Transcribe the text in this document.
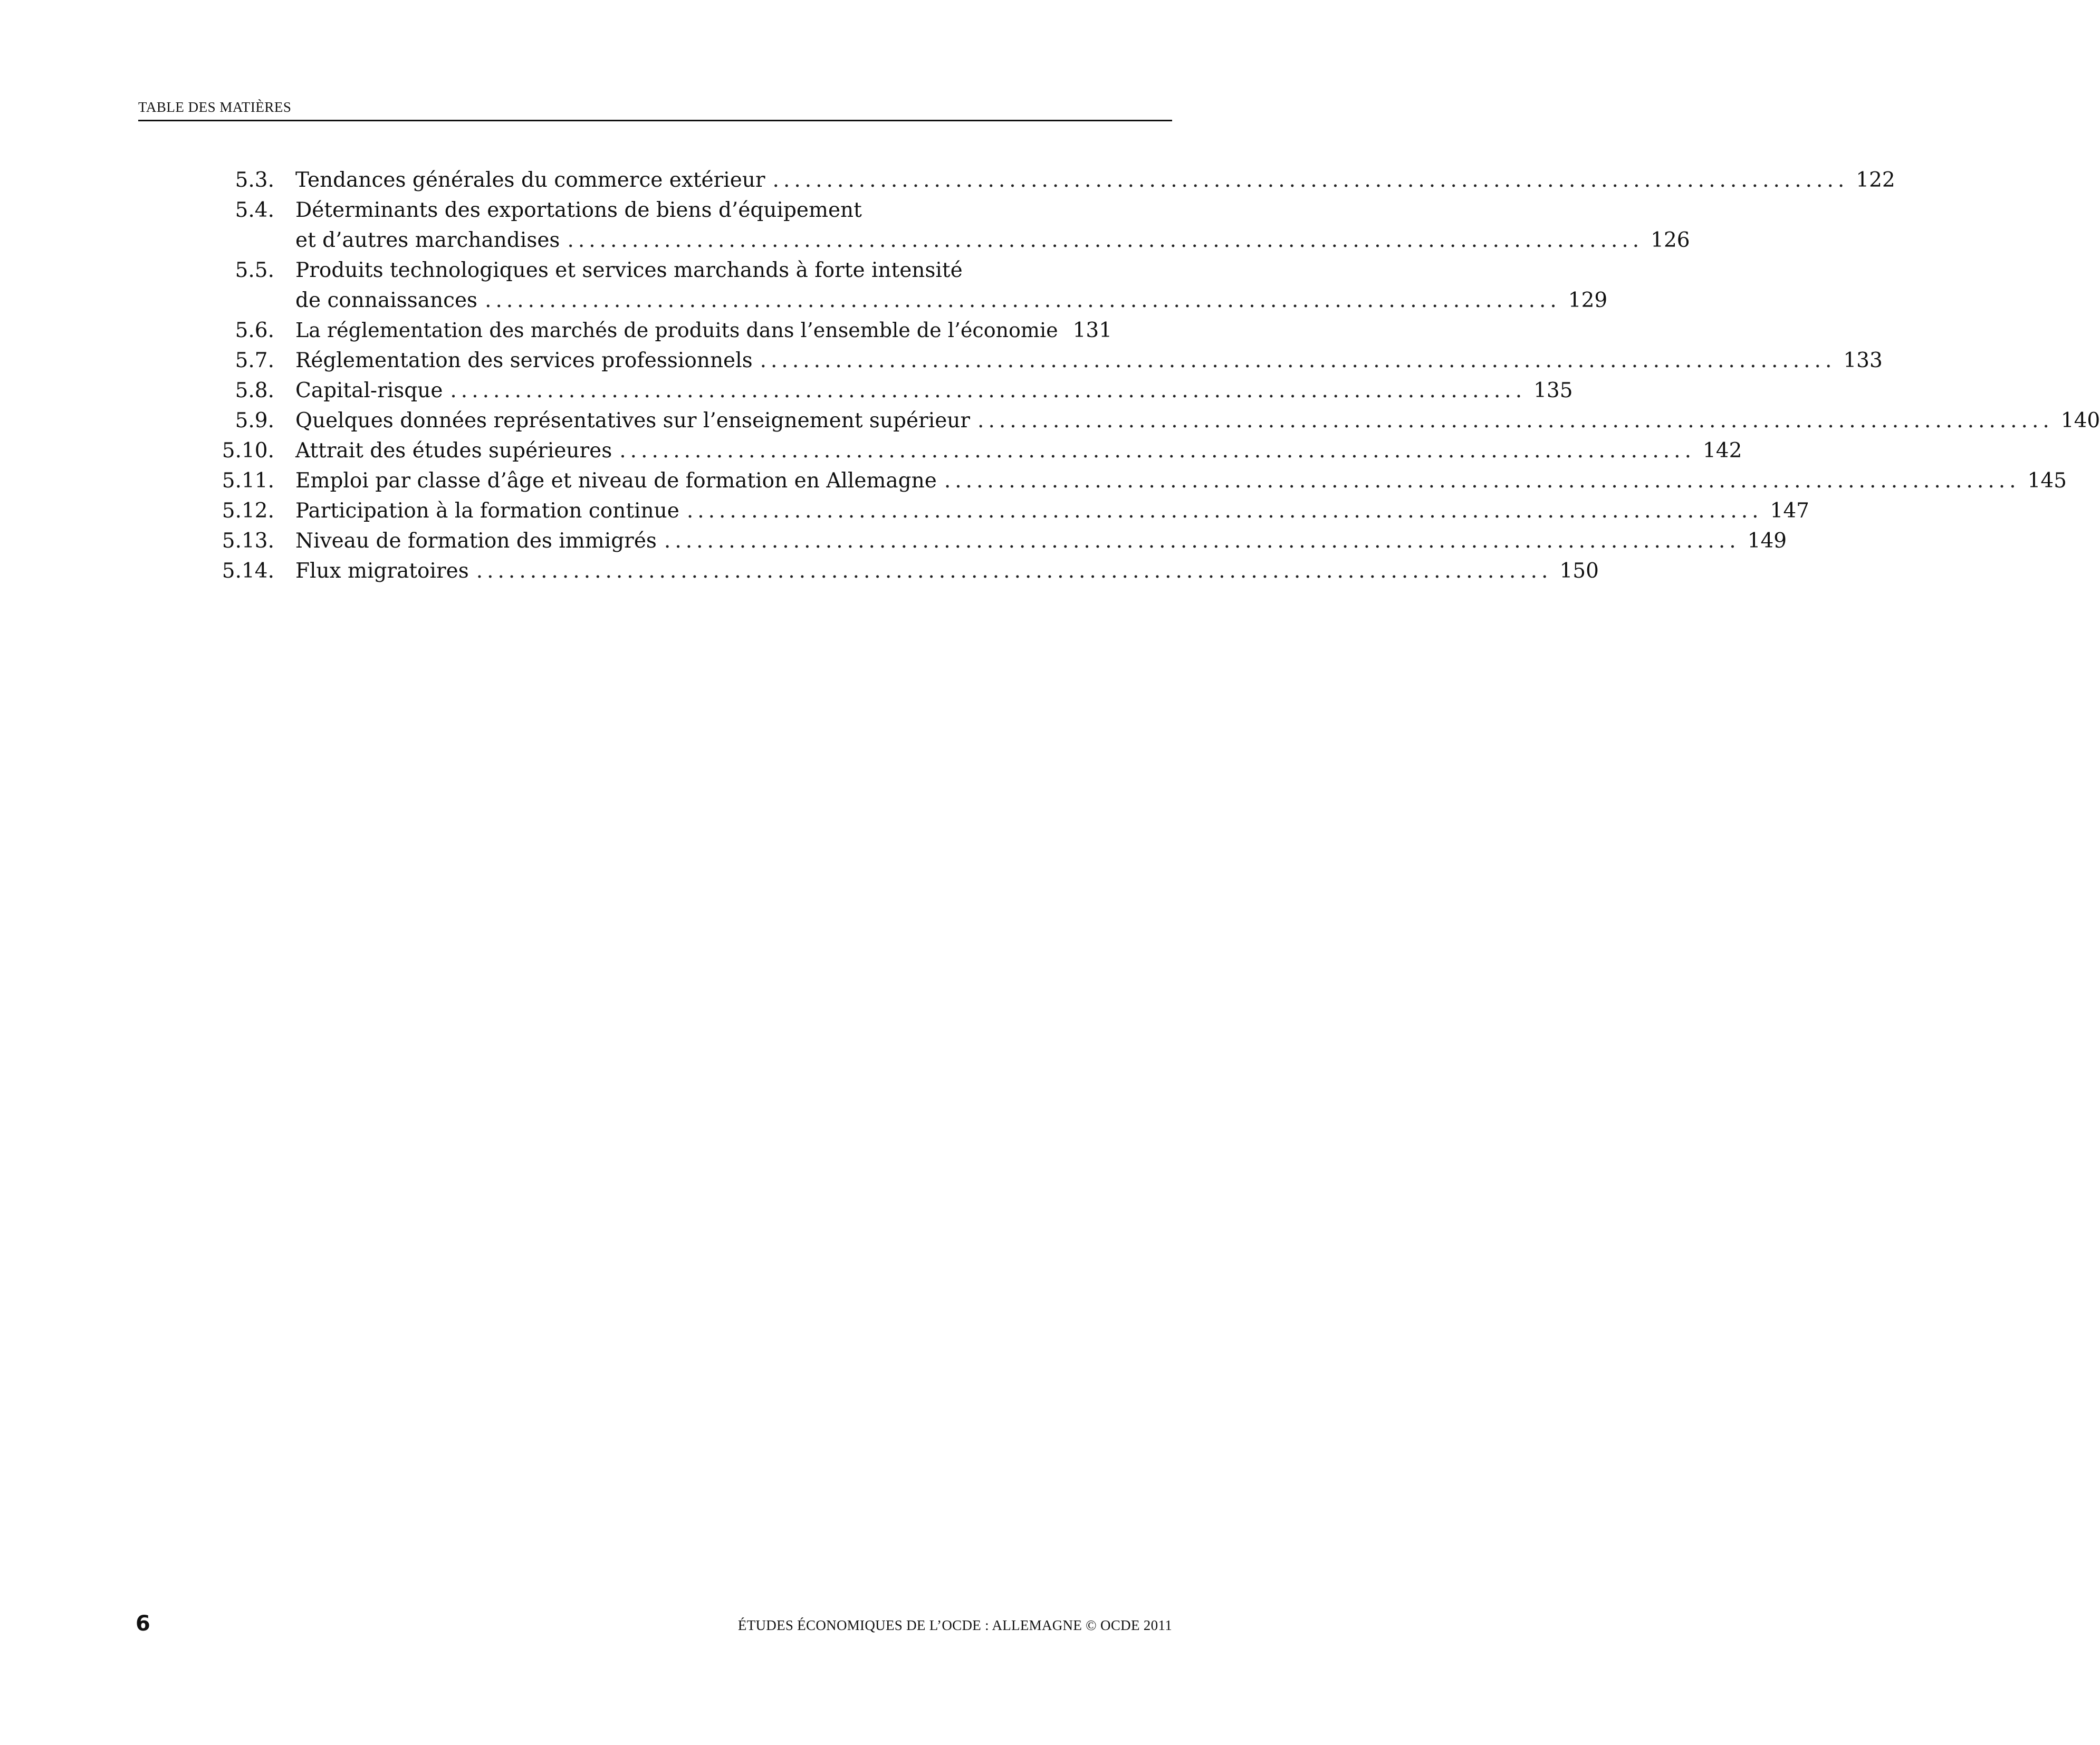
TABLE DES MATIÈRES
5.3. Tendances générales du commerce extérieur .................................................................................................... 122
5.4. Déterminants des exportations de biens d’équipement
et d’autres marchandises .................................................................................................... 126
5.5. Produits technologiques et services marchands à forte intensité
de connaissances .................................................................................................... 129
5.6. La réglementation des marchés de produits dans l’ensemble de l’économie 131
5.7. Réglementation des services professionnels .................................................................................................... 133
5.8. Capital-risque .................................................................................................... 135
5.9. Quelques données représentatives sur l’enseignement supérieur .................................................................................................... 140
5.10. Attrait des études supérieures .................................................................................................... 142
5.11. Emploi par classe d’âge et niveau de formation en Allemagne .................................................................................................... 145
5.12. Participation à la formation continue .................................................................................................... 147
5.13. Niveau de formation des immigrés .................................................................................................... 149
5.14. Flux migratoires .................................................................................................... 150
6	ÉTUDES ÉCONOMIQUES DE L’OCDE : ALLEMAGNE © OCDE 2011
